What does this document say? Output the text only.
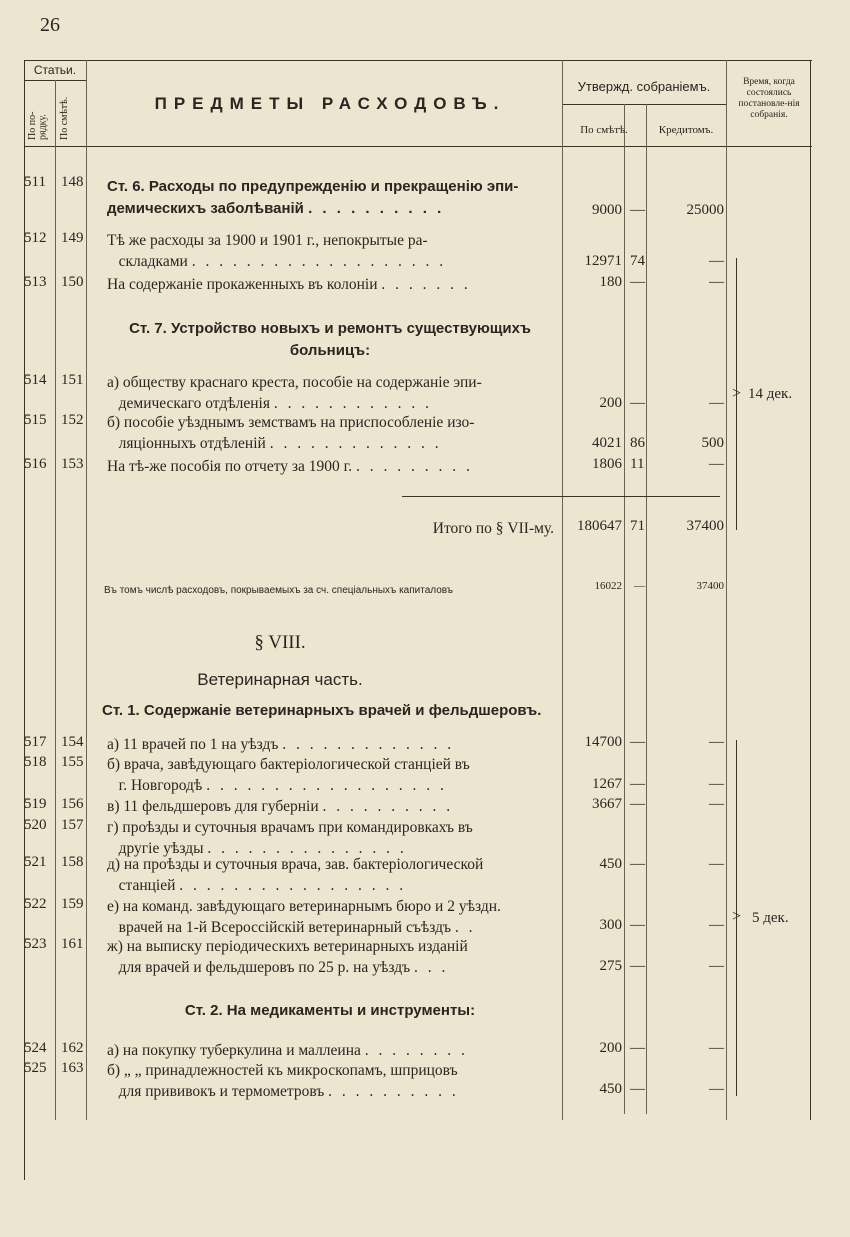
26
Статьи.
По по-рядку. По смѣтѣ.	ПРЕДМЕТЫ РАСХОДОВЪ.
Утвержд. собраніемъ.	Время, когда состоялись постановле-нія собранія.
По смѣтѣ.	Кредитомъ.
511 148 Ст. 6. Расходы по предупрежденію и прекращенію эпи-демическихъ заболѣваній . . . . . . . . . .	9000 —	25000
512 149 Тѣ же расходы за 1900 и 1901 г., непокрытые ра-
складками . . . . . . . . . . . . . . . . . . .	12971 74	—
513 150 На содержаніе прокаженныхъ въ колоніи . . . . . . .	180 —	—
Ст. 7. Устройство новыхъ и ремонтъ существующихъ больницъ:
514 151 а) обществу краснаго креста, пособіе на содержаніе эпи-
демическаго отдѣленія . . . . . . . . . . . .	200 —	—
515 152 б) пособіе уѣзднымъ земствамъ на приспособленіе изо-
ляціонныхъ отдѣленій . . . . . . . . . . . . .	4021 86	500
516 153 На тѣ-же пособія по отчету за 1900 г. . . . . . . . . .	1806 11	—
> 14 дек.
Итого по § VII-му.	180647 71	37400
Въ томъ числѣ расходовъ, покрываемыхъ за сч. спеціальныхъ капиталовъ	16022 —	37400
§ VIII.
Ветеринарная часть.
Ст. 1. Содержаніе ветеринарныхъ врачей и фельдшеровъ.
517 154 а) 11 врачей по 1 на уѣздъ . . . . . . . . . . . . .	14700 —	—
518 155 б) врача, завѣдующаго бактеріологической станціей въ
г. Новгородѣ . . . . . . . . . . . . . . . . . .	1267 —	—
519 156 в) 11 фельдшеровъ для губерніи . . . . . . . . . .	3667 —	—
520 157 г) проѣзды и суточныя врачамъ при командировкахъ въ
другіе уѣзды . . . . . . . . . . . . . . .
521 158 д) на проѣзды и суточныя врача, зав. бактеріологической
станціей . . . . . . . . . . . . . . . . .
450 —	—
522 159 е) на команд. завѣдующаго ветеринарнымъ бюро и 2 уѣздн.
врачей на 1-й Всероссійскій ветеринарный съѣздъ . .	300 —	—
523 161 ж) на выписку періодическихъ ветеринарныхъ изданій
для врачей и фельдшеровъ по 25 р. на уѣздъ . . .	275 —	—
Ст. 2. На медикаменты и инструменты:
524 162 а) на покупку туберкулина и маллеина . . . . . . . .	200 —	—
525 163 б) „ „ принадлежностей къ микроскопамъ, шприцовъ
для прививокъ и термометровъ . . . . . . . . . .	450 —	—
> 5 дек.
